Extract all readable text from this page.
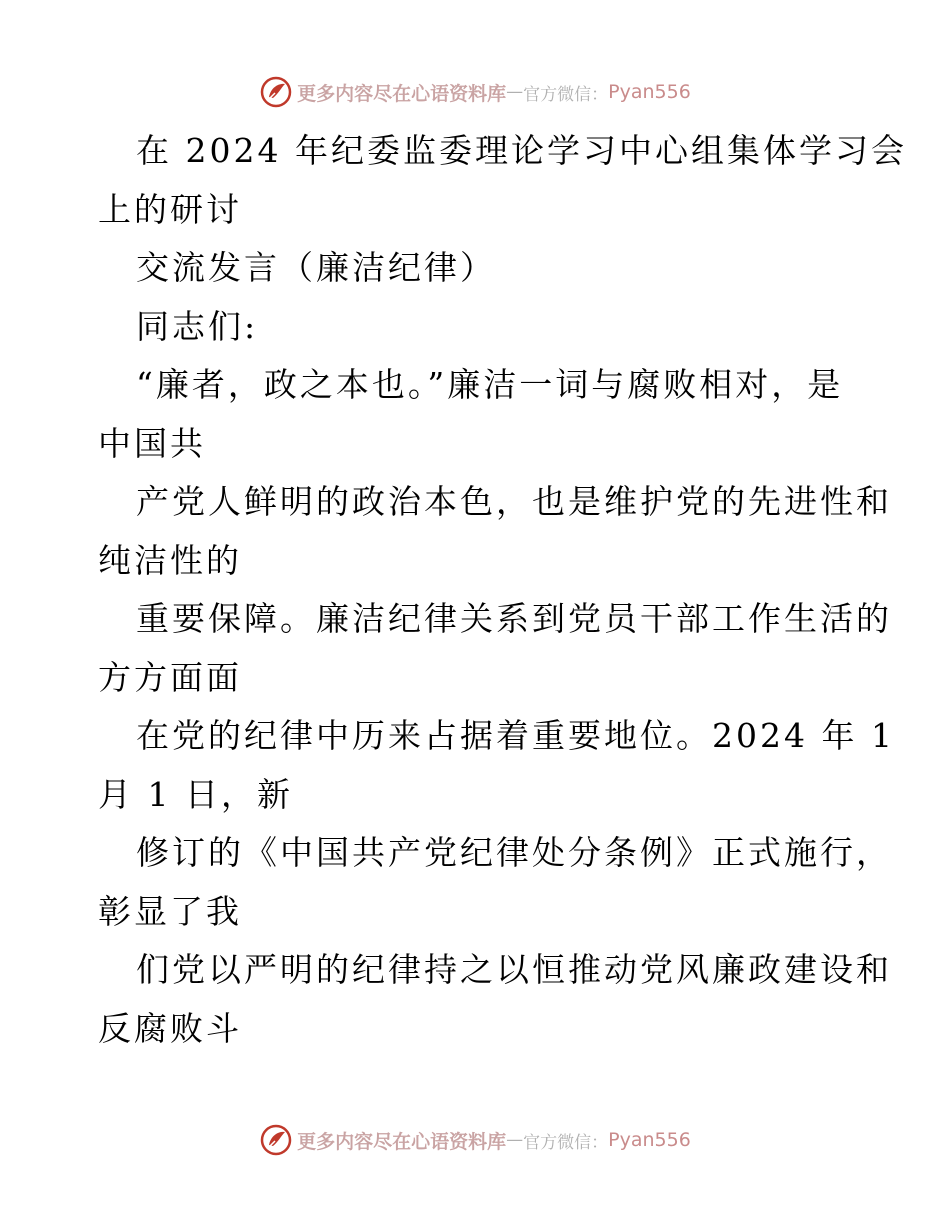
更多内容尽在心语资料库 — 官方微信： Pyan556
在 2024 年纪委监委理论学习中心组集体学习会
上的研讨
交流发言（廉洁纪律）
同志们:
“廉者，政之本也。”廉洁一词与腐败相对，是
中国共
产党人鲜明的政治本色，也是维护党的先进性和
纯洁性的
重要保障。廉洁纪律关系到党员干部工作生活的
方方面面
在党的纪律中历来占据着重要地位。2024 年 1
月 1 日，新
修订的《中国共产党纪律处分条例》正式施行，
彰显了我
们党以严明的纪律持之以恒推动党风廉政建设和
反腐败斗
更多内容尽在心语资料库 — 官方微信： Pyan556
